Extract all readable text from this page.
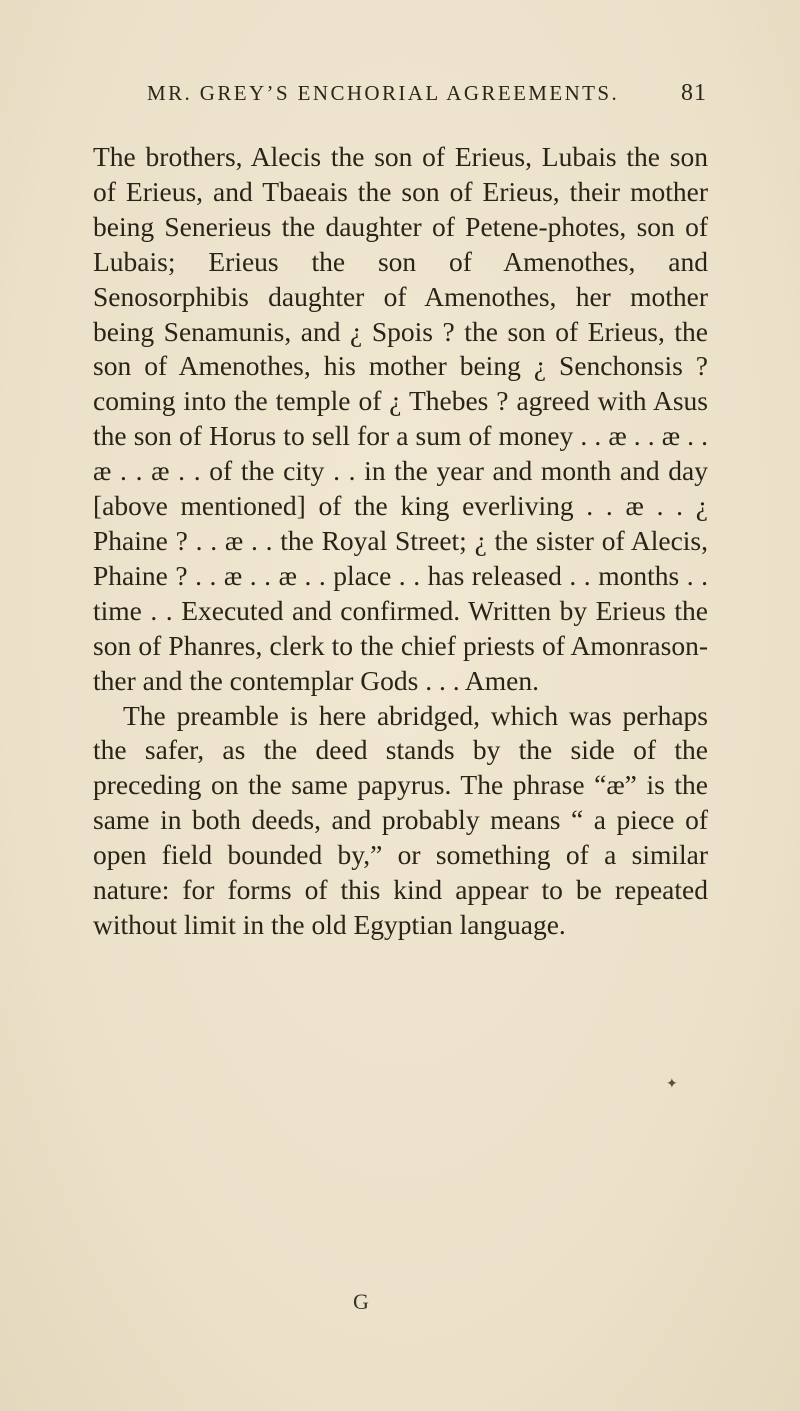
MR. GREY’S ENCHORIAL AGREEMENTS.	81

The brothers, Alecis the son of Erieus, Lubais the son of Erieus, and Tbaeais the son of Erieus, their mother being Senerieus the daughter of Petene-photes, son of Lubais; Erieus the son of Amenothes, and Senosorphibis daughter of Amenothes, her mother being Senamunis, and ¿ Spois ? the son of Erieus, the son of Amenothes, his mother being ¿ Senchonsis ? coming into the temple of ¿ Thebes ? agreed with Asus the son of Horus to sell for a sum of money . . æ . . æ . . æ . . æ . . of the city . . in the year and month and day [above mentioned] of the king everliving . . æ . . ¿ Phaine ? . . æ . . the Royal Street; ¿ the sister of Alecis, Phaine ? . . æ . . æ . . place . . has released . . months . . time . . Executed and confirmed. Written by Erieus the son of Phanres, clerk to the chief priests of Amonrason-ther and the contemplar Gods . . . Amen.

The preamble is here abridged, which was perhaps the safer, as the deed stands by the side of the preceding on the same papyrus. The phrase “æ” is the same in both deeds, and probably means “ a piece of open field bounded by,” or something of a similar nature: for forms of this kind appear to be repeated without limit in the old Egyptian language.

✦
G
